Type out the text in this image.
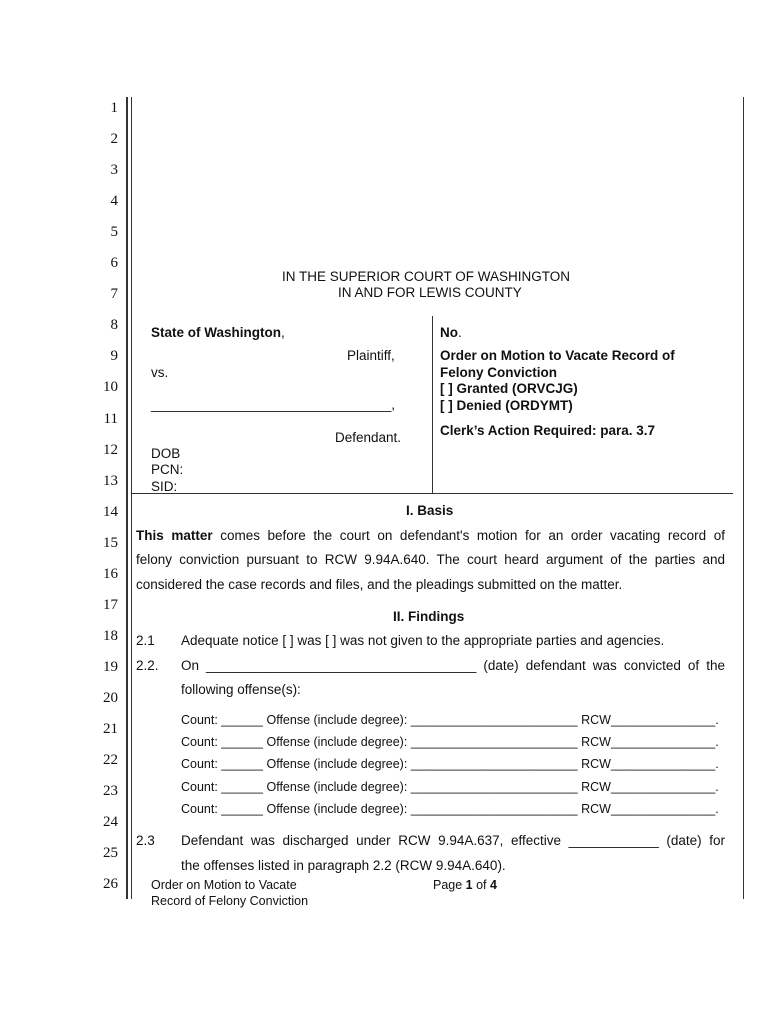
1
2
3
4
5
6
7
8
9
10
11
12
13
14
15
16
17
18
19
20
21
22
23
24
25
26
IN THE SUPERIOR COURT OF WASHINGTON
IN AND FOR LEWIS COUNTY
State of Washington,
Plaintiff,
vs.
________________________________,
Defendant.
DOB
PCN:
SID:
No.
Order on Motion to Vacate Record of
Felony Conviction
[ ] Granted (ORVCJG)
[ ] Denied (ORDYMT)
Clerk’s Action Required: para. 3.7
I. Basis
This matter comes before the court on defendant's motion for an order vacating record of
felony conviction pursuant to RCW 9.94A.640. The court heard argument of the parties and
considered the case records and files, and the pleadings submitted on the matter.
II. Findings
2.1 Adequate notice [ ] was [ ] was not given to the appropriate parties and agencies.
2.2. On ____________________________________ (date) defendant was convicted of the
following offense(s):
Count: ______ Offense (include degree): ________________________ RCW_______________.
Count: ______ Offense (include degree): ________________________ RCW_______________.
Count: ______ Offense (include degree): ________________________ RCW_______________.
Count: ______ Offense (include degree): ________________________ RCW_______________.
Count: ______ Offense (include degree): ________________________ RCW_______________.
2.3 Defendant was discharged under RCW 9.94A.637, effective ____________ (date) for
the offenses listed in paragraph 2.2 (RCW 9.94A.640).
Order on Motion to Vacate
Record of Felony Conviction
Page 1 of 4
